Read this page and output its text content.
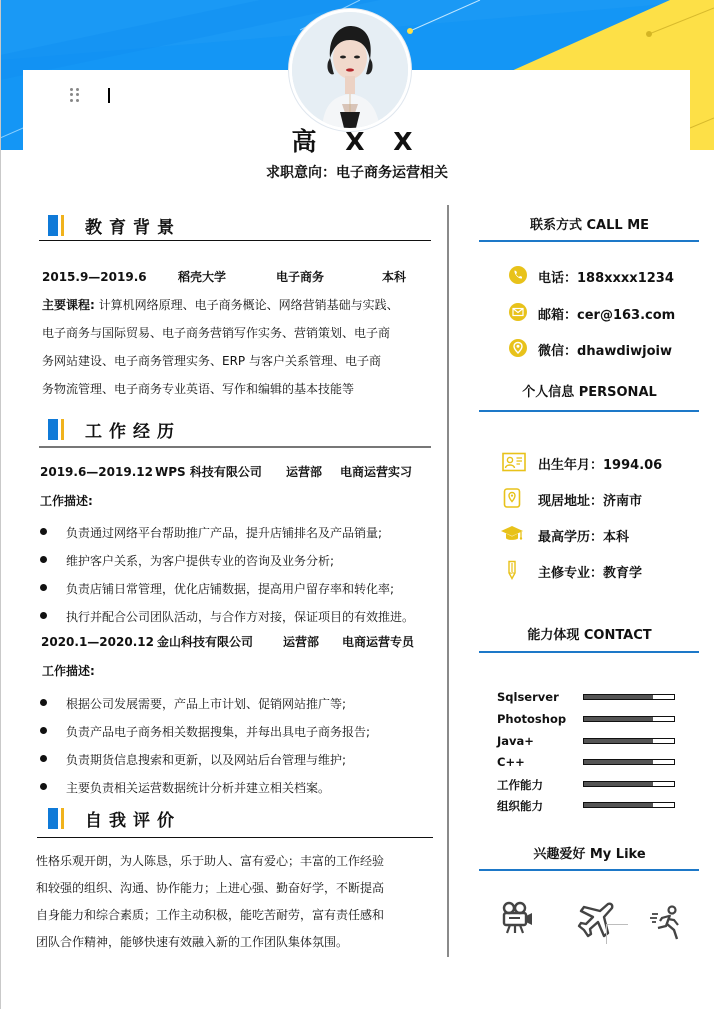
高 X X
求职意向：电子商务运营相关
教育背景
2015.9—2019.6	稻壳大学	电子商务	本科
主要课程: 计算机网络原理、电子商务概论、网络营销基础与实践、
电子商务与国际贸易、电子商务营销写作实务、营销策划、电子商
务网站建设、电子商务管理实务、ERP 与客户关系管理、电子商
务物流管理、电子商务专业英语、写作和编辑的基本技能等
工作经历
2019.6—2019.12 WPS 科技有限公司 运营部 电商运营实习
工作描述:
负责通过网络平台帮助推广产品，提升店铺排名及产品销量;
维护客户关系，为客户提供专业的咨询及业务分析;
负责店铺日常管理，优化店铺数据，提高用户留存率和转化率;
执行并配合公司团队活动，与合作方对接，保证项目的有效推进。
2020.1—2020.12 金山科技有限公司 运营部 电商运营专员
工作描述:
根据公司发展需要，产品上市计划、促销网站推广等;
负责产品电子商务相关数据搜集，并每出具电子商务报告;
负责期货信息搜索和更新，以及网站后台管理与维护;
主要负责相关运营数据统计分析并建立相关档案。
自我评价
性格乐观开朗，为人陈恳，乐于助人、富有爱心；丰富的工作经验
和较强的组织、沟通、协作能力；上进心强、勤奋好学，不断提高
自身能力和综合素质；工作主动积极，能吃苦耐劳，富有责任感和
团队合作精神，能够快速有效融入新的工作团队集体氛围。
联系方式 CALL ME
电话：188xxxx1234
邮箱：cer@163.com
微信：dhawdiwjoiw
个人信息 PERSONAL
出生年月：1994.06
现居地址：济南市
最高学历：本科
主修专业：教育学
能力体现 CONTACT
Sqlserver
Photoshop
Java+
C++
工作能力
组织能力
兴趣爱好 My Like
